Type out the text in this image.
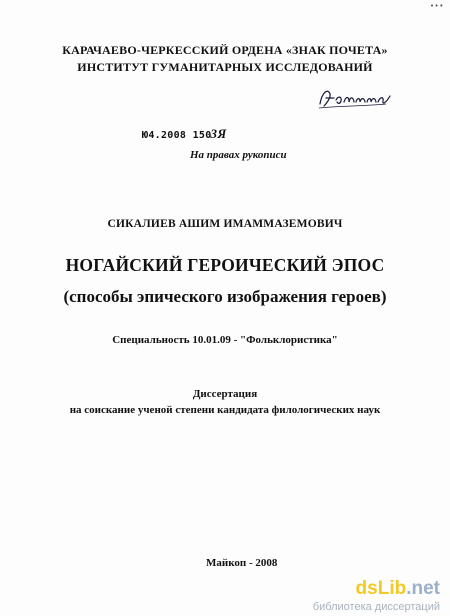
•••
КАРАЧАЕВО-ЧЕРКЕССКИЙ ОРДЕНА «ЗНАК ПОЧЕТА»
ИНСТИТУТ ГУМАНИТАРНЫХ ИССЛЕДОВАНИЙ
Ю4.2008 1503Я
На правах рукописи
СИКАЛИЕВ АШИМ ИМАММАЗЕМОВИЧ
НОГАЙСКИЙ ГЕРОИЧЕСКИЙ ЭПОС
(способы эпического изображения героев)
Специальность 10.01.09 - "Фольклористика"
Диссертация
на соискание ученой степени кандидата филологических наук
Майкоп - 2008
dsLib.net
библиотека диссертаций
